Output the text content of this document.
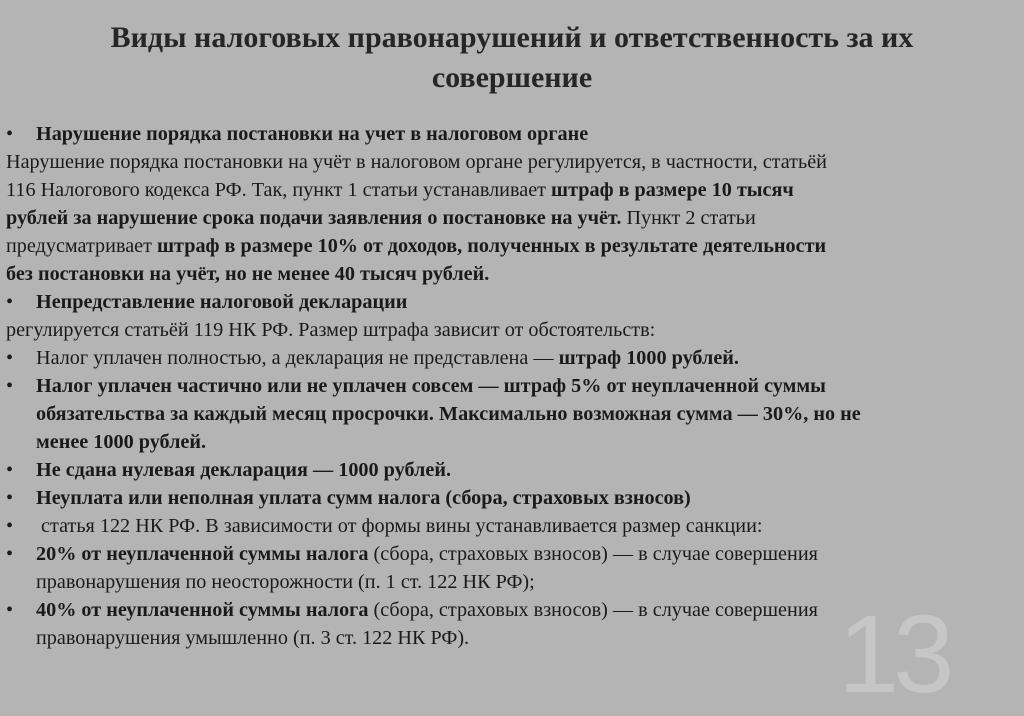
Виды налоговых правонарушений и ответственность за их
совершение
• Нарушение порядка постановки на учет в налоговом органе
Нарушение порядка постановки на учёт в налоговом органе регулируется, в частности, статьёй
116 Налогового кодекса РФ. Так, пункт 1 статьи устанавливает штраф в размере 10 тысяч
рублей за нарушение срока подачи заявления о постановке на учёт. Пункт 2 статьи
предусматривает штраф в размере 10% от доходов, полученных в результате деятельности
без постановки на учёт, но не менее 40 тысяч рублей.
• Непредставление налоговой декларации
регулируется статьёй 119 НК РФ. Размер штрафа зависит от обстоятельств:
• Налог уплачен полностью, а декларация не представлена — штраф 1000 рублей.
• Налог уплачен частично или не уплачен совсем — штраф 5% от неуплаченной суммы
обязательства за каждый месяц просрочки. Максимально возможная сумма — 30%, но не
менее 1000 рублей.
• Не сдана нулевая декларация — 1000 рублей.
• Неуплата или неполная уплата сумм налога (сбора, страховых взносов)
• статья 122 НК РФ. В зависимости от формы вины устанавливается размер санкции:
• 20% от неуплаченной суммы налога (сбора, страховых взносов) — в случае совершения
правонарушения по неосторожности (п. 1 ст. 122 НК РФ);
• 40% от неуплаченной суммы налога (сбора, страховых взносов) — в случае совершения
правонарушения умышленно (п. 3 ст. 122 НК РФ).	13
